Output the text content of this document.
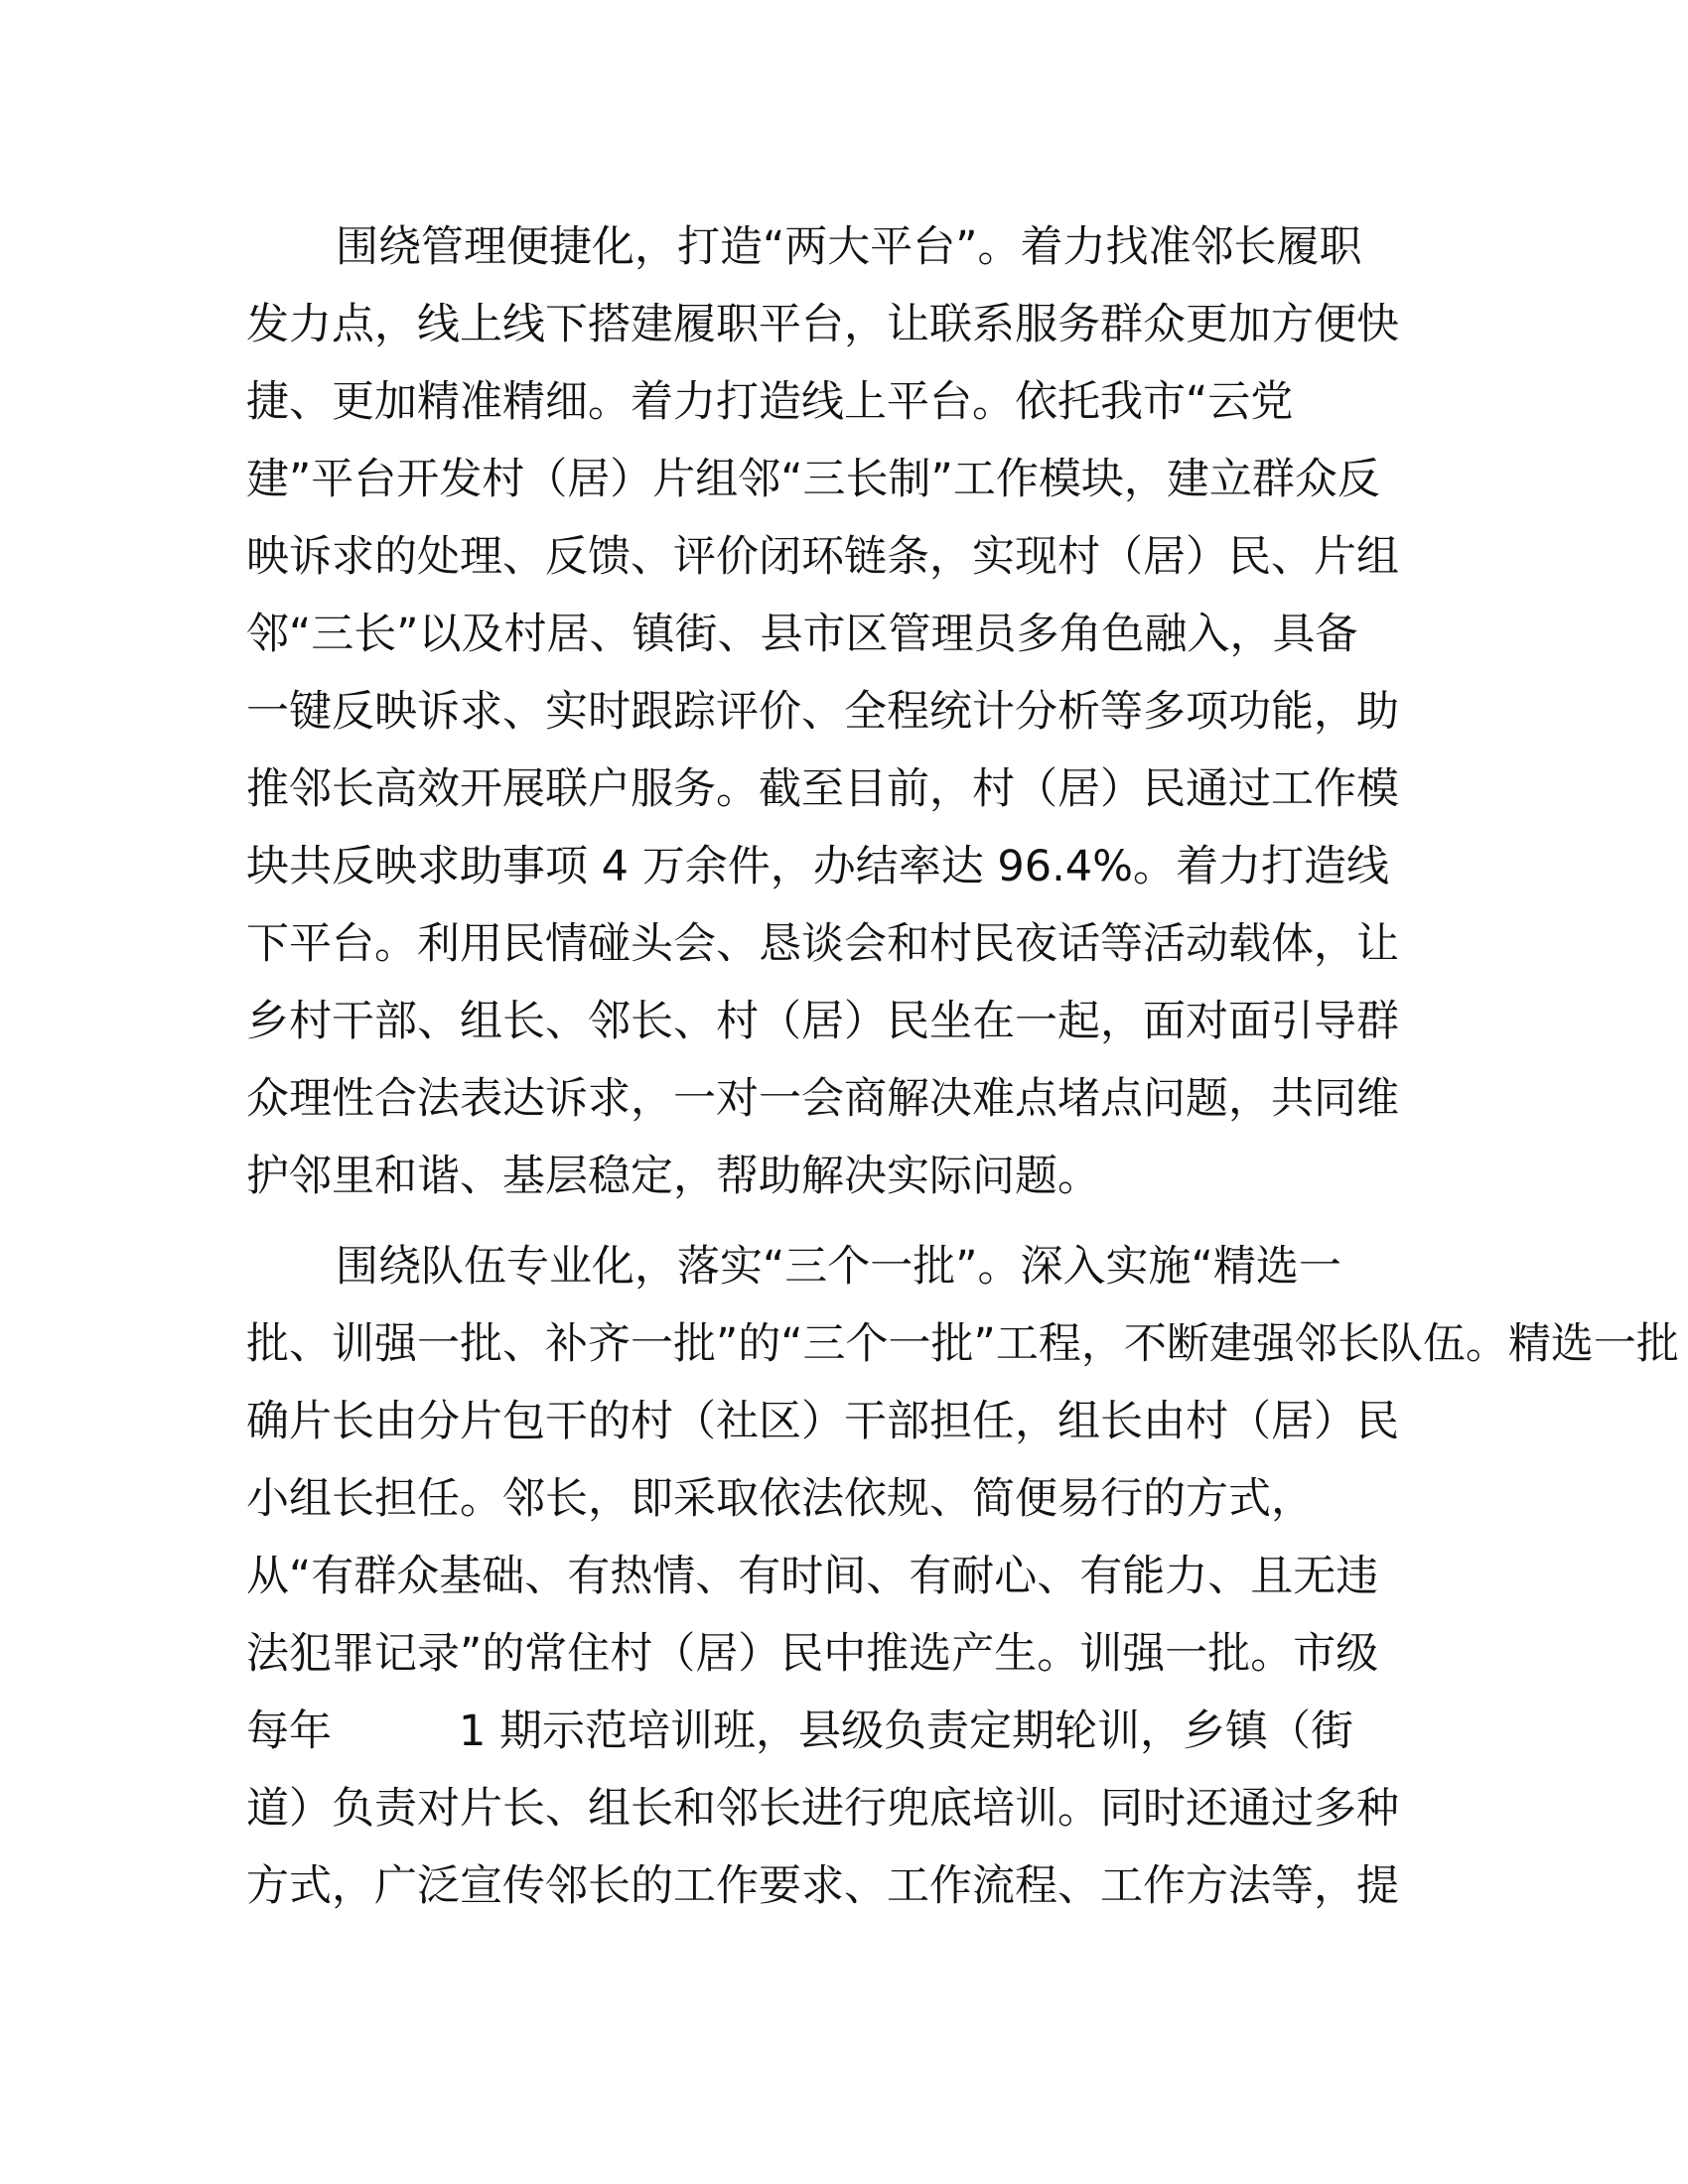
围绕管理便捷化，打造“两大平台”。着力找准邻长履职
发力点，线上线下搭建履职平台，让联系服务群众更加方便快
捷、更加精准精细。着力打造线上平台。依托我市“云党
建”平台开发村（居）片组邻“三长制”工作模块，建立群众反
映诉求的处理、反馈、评价闭环链条，实现村（居）民、片组
邻“三长”以及村居、镇街、县市区管理员多角色融入，具备
一键反映诉求、实时跟踪评价、全程统计分析等多项功能，助
推邻长高效开展联户服务。截至目前，村（居）民通过工作模
块共反映求助事项 4 万余件，办结率达 96.4%。着力打造线
下平台。利用民情碰头会、恳谈会和村民夜话等活动载体，让
乡村干部、组长、邻长、村（居）民坐在一起，面对面引导群
众理性合法表达诉求，一对一会商解决难点堵点问题，共同维
护邻里和谐、基层稳定，帮助解决实际问题。
围绕队伍专业化，落实“三个一批”。深入实施“精选一
批、训强一批、补齐一批”的“三个一批”工程，不断建强邻长队伍。精选一批
确片长由分片包干的村（社区）干部担任，组长由村（居）民
小组长担任。邻长，即采取依法依规、简便易行的方式，
从“有群众基础、有热情、有时间、有耐心、有能力、且无违
法犯罪记录”的常住村（居）民中推选产生。训强一批。市级
每年	1 期示范培训班，县级负责定期轮训，乡镇（街
道）负责对片长、组长和邻长进行兜底培训。同时还通过多种
方式，广泛宣传邻长的工作要求、工作流程、工作方法等，提
